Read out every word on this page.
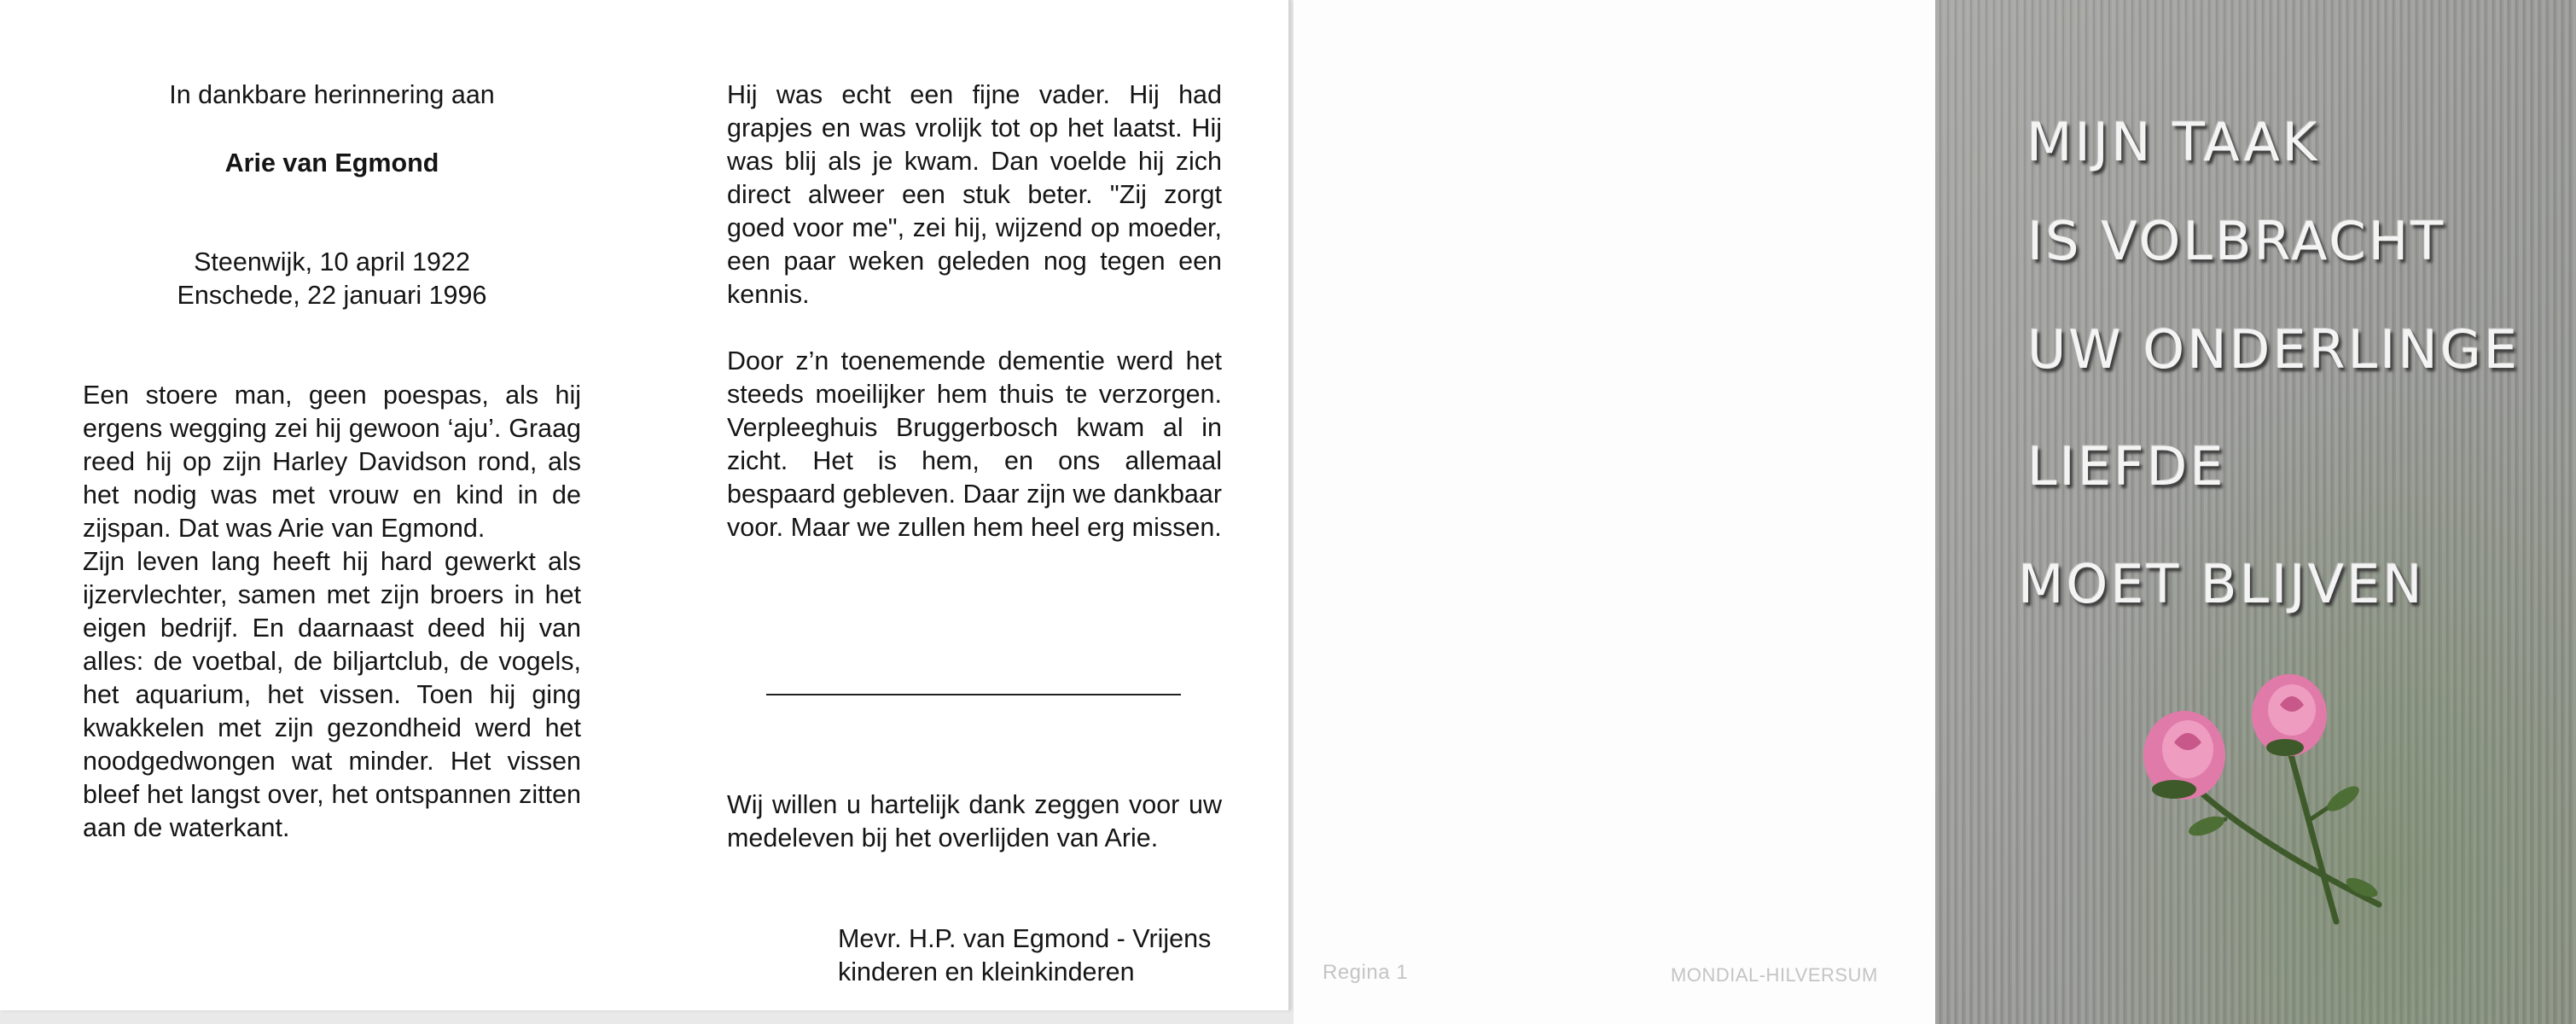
In dankbare herinnering aan

Arie van Egmond

Steenwijk, 10 april 1922

Enschede, 22 januari 1996

Een stoere man, geen poespas, als hij ergens wegging zei hij gewoon ‘aju’. Graag reed hij op zijn Harley Davidson rond, als het nodig was met vrouw en kind in de zijspan. Dat was Arie van Egmond.

Zijn leven lang heeft hij hard gewerkt als ijzervlechter, samen met zijn broers in het eigen bedrijf. En daarnaast deed hij van alles: de voetbal, de biljartclub, de vogels, het aquarium, het vissen. Toen hij ging kwakkelen met zijn gezondheid werd het noodgedwongen wat minder. Het vissen bleef het langst over, het ontspannen zitten aan de waterkant.

Hij was echt een fijne vader. Hij had grapjes en was vrolijk tot op het laatst. Hij was blij als je kwam. Dan voelde hij zich direct alweer een stuk beter. "Zij zorgt goed voor me", zei hij, wijzend op moeder, een paar weken geleden nog tegen een kennis.

Door z’n toenemende dementie werd het steeds moeilijker hem thuis te verzorgen. Verpleeghuis Bruggerbosch kwam al in zicht. Het is hem, en ons allemaal bespaard gebleven. Daar zijn we dankbaar voor. Maar we zullen hem heel erg missen.

Wij willen u hartelijk dank zeggen voor uw medeleven bij het overlijden van Arie.

Mevr. H.P. van Egmond - Vrijens
kinderen en kleinkinderen	Regina 1	MONDIAL-HILVERSUM
MIJN TAAK
IS VOLBRACHT
UW ONDERLINGE
LIEFDE
MOET BLIJVEN
